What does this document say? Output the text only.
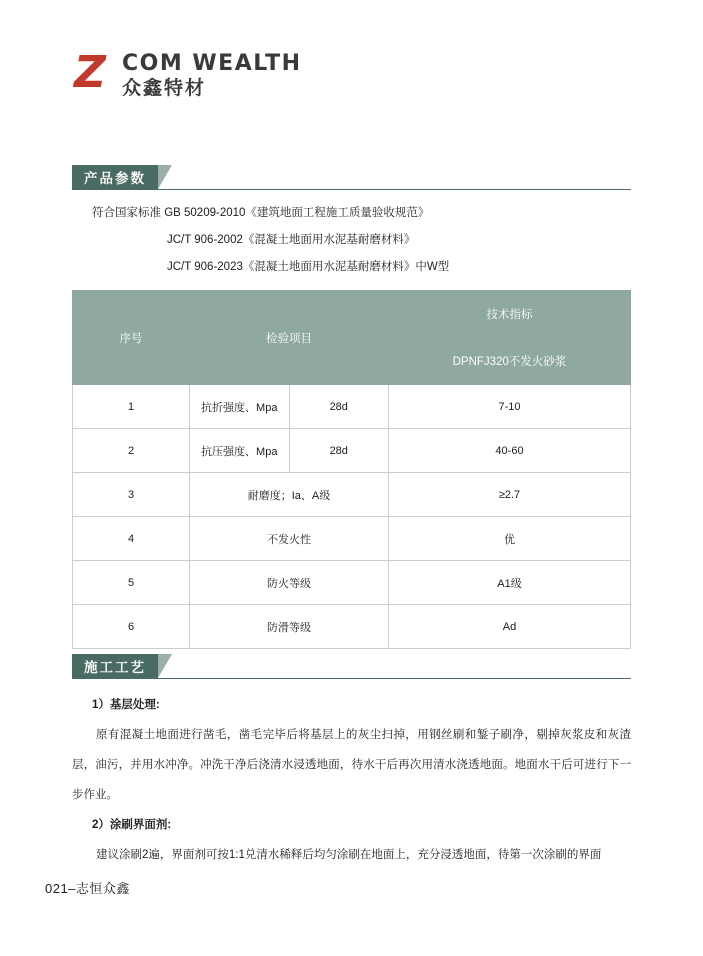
Z COM WEALTH
众鑫特材
产品参数
符合国家标准 GB 50209-2010《建筑地面工程施工质量验收规范》
JC/T 906-2002《混凝土地面用水泥基耐磨材料》
JC/T 906-2023《混凝土地面用水泥基耐磨材料》中W型
序号	检验项目		技术指标
			DPNFJ320不发火砂浆
1	抗折强度、Mpa	28d	7-10
2	抗压强度、Mpa	28d	40-60
3	耐磨度；Ia、A级		≥2.7
4	不发火性		优
5	防火等级		A1级
6	防滑等级		Ad
施工工艺
1）基层处理:
原有混凝土地面进行凿毛，凿毛完毕后将基层上的灰尘扫掉，用钢丝刷和錾子刷净，剔掉灰浆皮和灰渣层，油污，并用水冲净。冲洗干净后浇清水浸透地面，待水干后再次用清水浇透地面。地面水干后可进行下一步作业。
2）涂刷界面剂:
建议涂刷2遍，界面剂可按1:1兑清水稀释后均匀涂刷在地面上，充分浸透地面，待第一次涂刷的界面
021–志恒众鑫
